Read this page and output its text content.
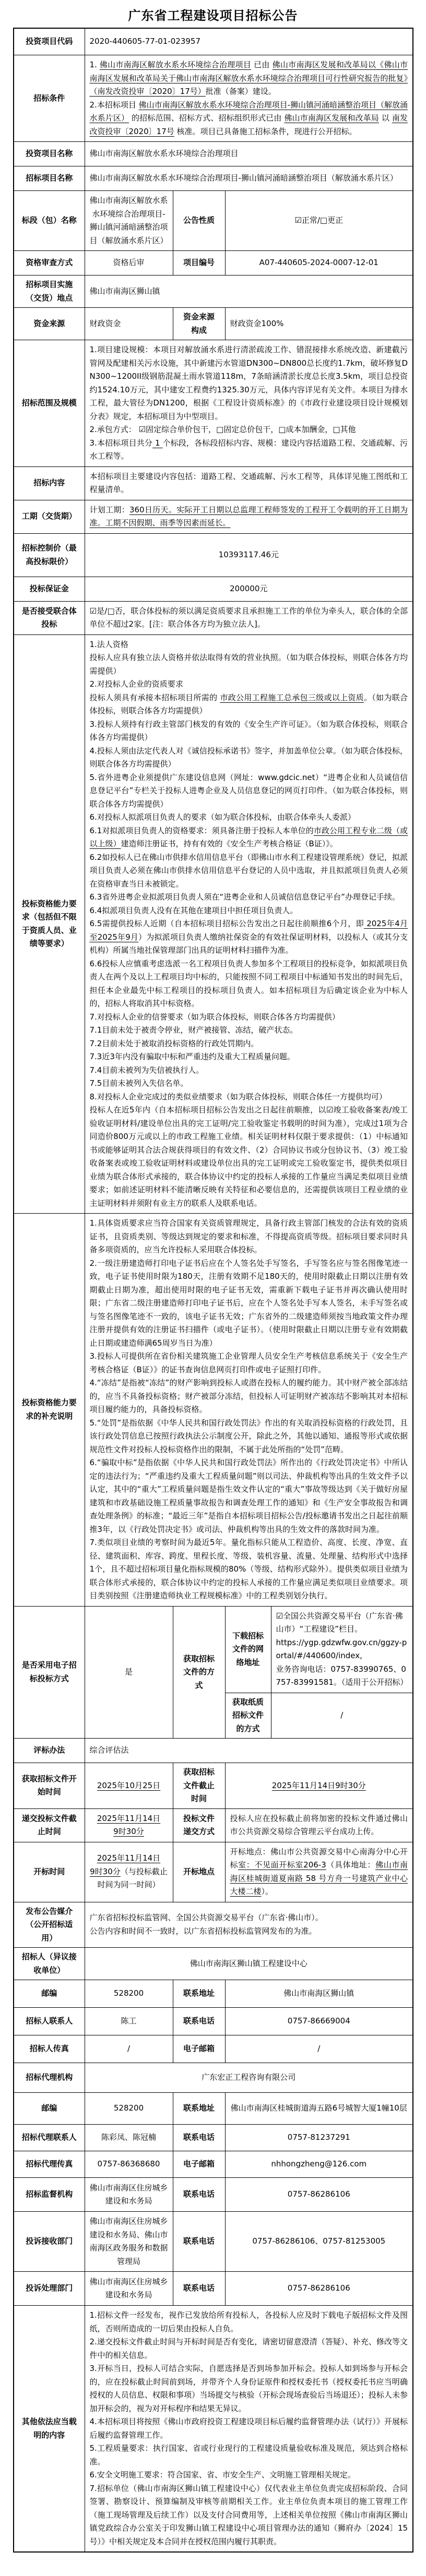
广东省工程建设项目招标公告
投资项目代码	2020-440605-77-01-023957			

招标条件	1. 佛山市南海区解放水系水环境综合治理项目 已由 佛山市南海区发展和改革局以《佛山市南海区发展和改革局关于佛山市南海区解放水系水环境综合治理项目可行性研究报告的批复》（南发改资投审〔2020〕17号）批准（备案）建设。
2.本招标项目 佛山市南海区解放水系水环境综合治理项目-狮山镇河涌暗涵整治项目（解放涌水系片区） 的招标范围、招标方式、招标组织形式已由 佛山市南海区发展和改革局 以 南发改资投审〔2020〕17号 核准。项目已具备施工招标条件，现进行公开招标。			

投资项目名称	佛山市南海区解放水系水环境综合治理项目			

招标项目名称	佛山市南海区解放水系水环境综合治理项目-狮山镇河涌暗涵整治项目（解放涌水系片区）			

标段（包）名称	佛山市南海区解放水系水环境综合治理项目-狮山镇河涌暗涵整治项目（解放涌水系片区）	公告性质	☑正常/□更正	

资格审查方式	资格后审	项目编号	A07-440605-2024-0007-12-01	

招标项目实施（交货）地点	佛山市南海区狮山镇			

资金来源	财政资金	资金来源构成	财政资金100%	

招标范围及规模	1.项目建设规模：本项目对解放涌水系进行清淤疏浚工作、错混接排水系统改造、新建截污管网及配建相关污水设施，其中新建污水管道DN300~DN800总长度约1.7km，破坏修复DN300~1200II级钢筋混凝土雨水管道118m，7条暗涵清淤长度总长度3.5km，项目总投资约1524.10万元，其中建安工程费约1325.30万元，具体内容详见有关文件。本项目为排水工程，最大管径为DN1200，根据《工程设计资质标准》的《市政行业建设项目设计规模划分表》规定，本招标项目为中型项目。
2.承包方式： ☑固定综合单价包干，□固定总价包干，□成本加酬金，□其他
3.本招标项目共分 1 个标段，各标段招标内容、规模：建设内容括道路工程、交通疏解、污水工程等。			

招标内容	本招标项目主要建设内容包括：道路工程、交通疏解、污水工程等，具体详见施工图纸和工程量清单。			

工期（交货期）	计划工期：360日历天。实际开工日期以总监理工程师签发的工程开工令载明的开工日期为准。工期不因假期、雨季等因素而延长。			

招标控制价（最高投标限价）	10393117.46元			

投标保证金	200000元			

是否接受联合体投标	☑是/□否，联合体投标的须以满足资质要求且承担施工工作的单位为牵头人，联合体的全部单位不超过2家。[注：联合体各方均为独立法人]。			

投标资格能力要求（包括但不限于资质人员、业绩等要求）

1.法人资格
投标人应具有独立法人资格并依法取得有效的营业执照。（如为联合体投标，则联合体各方均需提供）
2.对投标人企业的资质要求
投标人须具有承接本招标项目所需的 市政公用工程施工总承包三级或以上资质。（如为联合体投标，则联合体各方均需提供）
3.投标人须持有行政主管部门核发的有效的《安全生产许可证》。（如为联合体投标，则联合体各方均需提供）
4.投标人须由法定代表人对《诚信投标承诺书》签字，并加盖单位公章。（如为联合体投标，则联合体各方均需提供）
5.省外进粤企业须提供广东建设信息网（网址：www.gdcic.net）“进粤企业和人员诚信信息登记平台”专栏关于投标人进粤企业及人员信息登记的网页打印件。（如为联合体投标，则联合体各方均需提供）
6.对投标人拟派项目负责人的要求（如为联合体投标，由联合体牵头人委派）
6.1对拟派项目负责人的资格要求：须具备注册于投标人本单位的市政公用工程专业二级（或以上级）建造师注册证书，持有有效的《安全生产考核合格证（B证）》。
6.2如投标人已在佛山市供排水信用信息平台（即佛山市水利工程建设管理系统）登记，拟派项目负责人必须在佛山市供排水信用信息平台登记的人员中选取，并且拟派项目负责人必须在资格审查当日未被锁定。
6.3省外进粤企业拟派项目负责人须在“进粤企业和人员诚信信息登记平台”办理登记手续。
6.4拟派项目负责人没有在其他在建项目中担任项目负责人。
6.5需提供投标人近期（自本招标项目招标公告发出之日起往前顺推6个月，即 2025年4月至2025年9月）为拟派项目负责人缴纳社保资金的有效社保证明材料，以投标人（或其分支机构）所属当地社保管理部门出具的证明材料扫描件为准。
6.6投标人应慎重考虑选派一名工程项目负责人参加多个工程项目的投标竞争，如拟派项目负责人在两个及以上工程项目均中标的，只能按照不同工程项目中标通知书发出的时间先后，担任本企业最先中标工程项目的投标项目负责人。如本招标项目为后确定该企业为中标人的，招标人将取消其中标资格。
7.对投标人企业的信誉要求（如为联合体投标，则联合体各方均需提供）
7.1目前未处于被责令停业，财产被接管、冻结，破产状态。
7.2目前未处于被取消投标资格的行政处罚期内。
7.3近3年内没有骗取中标和严重违约及重大工程质量问题。
7.4目前未被列为失信被执行人。
7.5目前未被列入失信名单。
8.对投标人企业完成过的类似业绩要求（如为联合体投标，则联合体任一方提供均可）
投标人在近5年内（自本招标项目招标公告发出之日起往前顺推，以☑竣工验收备案表/竣工验收证明材料/建设单位出具的完工证明/完工验收鉴定书载明的时间为准），完成过1项为合同造价800万元或以上的市政工程施工业绩。相关证明材料仅限于要求提供：（1）中标通知书或能够证明其合法合规获得项目的有效文件、（2）合同协议书或分包协议书、（3）竣工验收备案表或竣工验收证明材料或建设单位出具的完工证明或完工验收鉴定书，提供类似项目业绩为联合体形式承接的，联合体协议中约定的投标人承接的工作量应当满足类似项目业绩要求；如前述证明材料不能清晰反映有关特征和必要信息的，还需提供该项目工程业绩的业主证明材料并须附有业主方的联系人及联系电话。

投标资格能力要求的补充说明

1.具体资质要求应当符合国家有关资质管理规定，具备行政主管部门核发的合法有效的资质证书，且资质类别、等级达到规定的要求和标准，不得提高资质等级。招标项目要求同时具备多项资质的，应当允许投标人采用联合体投标。
2.一级注册建造师打印电子证书后应在个人签名处手写签名，手写签名应与签名图像笔迹一致，电子证书使用时限为180天，注册有效期不足180天的，使用时限截止日期以注册有效期截止日期为准，超出使用时限的电子证书无效，需重新下载电子证书并再次确认使用时限；广东省二级注册建造师打印电子证书后，应在个人签名处手写本人签名，未手写签名或与签名图像笔迹不一致的，该电子证书无效；广东省外的二级建造师须按当地政策文件办理注册并提供有效的注册证书扫描件（或电子证书）。（使用时限截止日期以注册专业有效期截止日期或建造师满65周岁当日为准）
3.投标人可提供所在省份相关建筑施工企业管理人员安全生产考核信息系统关于《安全生产考核合格证（B证）》的证书查询信息网页打印件或电子证照打印件。
4.“冻结”是指被“冻结”的财产影响到投标人或潜在投标人的履约能力。其中财产被全部冻结的，应当不具备投标资格；财产被部分冻结，但投标人可证明财产被冻结不影响其对本招标项目履约能力的，具备投标资格。
5.“处罚”是指依据《中华人民共和国行政处罚法》作出的有关取消投标资格的行政处罚，且该行政处罚信息已按照行政执法公示制度公开，除此之外，其他以通知、通报等形式或依据规范性文件对投标人投标资格作出的限制，不属于此处所指的“处罚”范畴。
6.“骗取中标”是指依据《中华人民共和国行政处罚法》所作出的《行政处罚决定书》中所认定的违法行为；“严重违约及重大工程质量问题”则以司法、仲裁机构等出具的生效文件予以认定，其中的“重大”工程质量问题是指生效文件认定的“重大”事故等级达到《关于做好房屋建筑和市政基础设施工程质量事故报告和调查处理工作的通知》和《生产安全事故报告和调查处理条例》的标准；“最近三年”是指自本招标项目招标公告/投标邀请书发出之日起往前顺推3年，以《行政处罚决定书》或司法、仲裁机构等出具的生效文件的落款时间为准。
7.类似项目业绩的考察时间为最近5年。量化指标只能从工程造价、高度、长度、净宽、直径、建筑面积、库容、跨度、里程长度、等级、装机容量、流量、处理量、结构形式中选择1个，且不超过招标项目量化指标规模的80%（等级、结构形式除外）。提供类似项目业绩为联合体形式承接的，联合体协议中约定的投标人承接的工作量应满足类似项目业绩要求。项目类别按照《注册建造师执业工程规模标准》中的工程类别划分执行。

是否采用电子招标投标方式	是	获取招标文件的方式	下载招标文件的网络地址	☑全国公共资源交易平台（广东省·佛山市）“工程建设”栏目。
https://ygp.gdzwfw.gov.cn/ggzy-portal/#/440600/index,
业务咨询电话：0757-83990765、0757-83991581。（适用于公开招标）

			获取纸质招标文件的方式	/

评标办法	综合评估法			

获取招标文件开始时间	2025年10月25日	获取招标文件截止时间	2025年11月14日9时30分	

递交投标文件截止时间	2025年11月14日
9时30分	投标文件递交方式	投标人应在投标截止前将加密的投标文件通过佛山市公共资源交易综合管理云平台成功上传。	

开标时间	2025年11月14日
9时30分（与投标截止时间为同一时间）	开标地点	开标地点：佛山市公共资源交易中心南海分中心开标室：不见面开标室206-3（具体地址：佛山市南海区桂城街道夏南路 58 号方舟一号建筑产业中心大楼二楼）。	

发布公告媒介（公开招标适用）	广东省招标投标监管网、全国公共资源交易平台（广东省·佛山市）。
公告内容和时间不一致时，以广东省招标投标监管网发布的为准。			

招标人（异议接收单位）	佛山市南海区狮山镇工程建设中心			

邮编	528200	联系地址	佛山市南海区狮山镇	

招标人联系人	陈工	联系电话	0757-86669004	

招标人传真	/	电子邮箱	/	

招标代理机构	广东宏正工程咨询有限公司			

邮编	528200	联系地址	佛山市南海区桂城街道海五路6号城智大厦1幢10层	

招标代理联系人	陈彩凤、陈冠楠	联系电话	0757-81237291	

招标代理传真	0757-86368680	电子邮箱	nhhongzheng@126.com	

招标监督机构	佛山市南海区住房城乡建设和水务局	联系电话	0757-86286106	

投诉接收部门	佛山市南海区住房城乡建设和水务局、佛山市南海区政务服务和数据管理局	联系电话	0757-86286106、0757-81253005	

投诉处理部门	佛山市南海区住房城乡建设和水务局	联系电话	0757-86286106	

其他依法应当载明的内容

1.招标文件一经发布，视作已发放给所有投标人，各投标人应及时下载电子版招标文件及图纸，否则所造成的一切后果由投标人自负。
2.递交投标文件截止时间与开标时间是否有变化，请密切留意澄清（答疑）、补充、修改等文件中的相关信息。
3.开标当日，投标人可结合实际，自愿选择是否到场参加开标会。投标人如到场参与开标会的，应在投标截止时间前到场，并带齐个人身份证原件和授权委托书（授权委托书应当明确授权的人员信息、权限和事项）当场提交与核验（开标会现场查验后当场退还）；投标人未参加开标会的，视为对开标程序和结果无异议。
4.本招标项目将按照《佛山市政府投资工程建设项目标后履约监督管理办法（试行）》开展标后履约监督管理工作。
5.工程质量要求：执行国家、省或行业现行的工程建设质量验收标准及规范，须达到合格标准。
6.安全文明施工要求：符合国家、省、市安全生产、文明施工管理相关规定。
7.招标单位（佛山市南海区狮山镇工程建设中心）仅代表业主单位负责完成招标阶段、合同签署、勘察设计、预算编制及审核等前期相关工作。业主单位负责本项目的施工管理工作（施工现场管理及后续工作）以及支付合同费用等，上述相关单位按照《佛山市南海区狮山镇党政综合办公室关于印发狮山镇工程建设中心项目管理办法的通知（狮府办〔2024〕15号）》中相关规定及本合同并在授权范围内履行其职责。
